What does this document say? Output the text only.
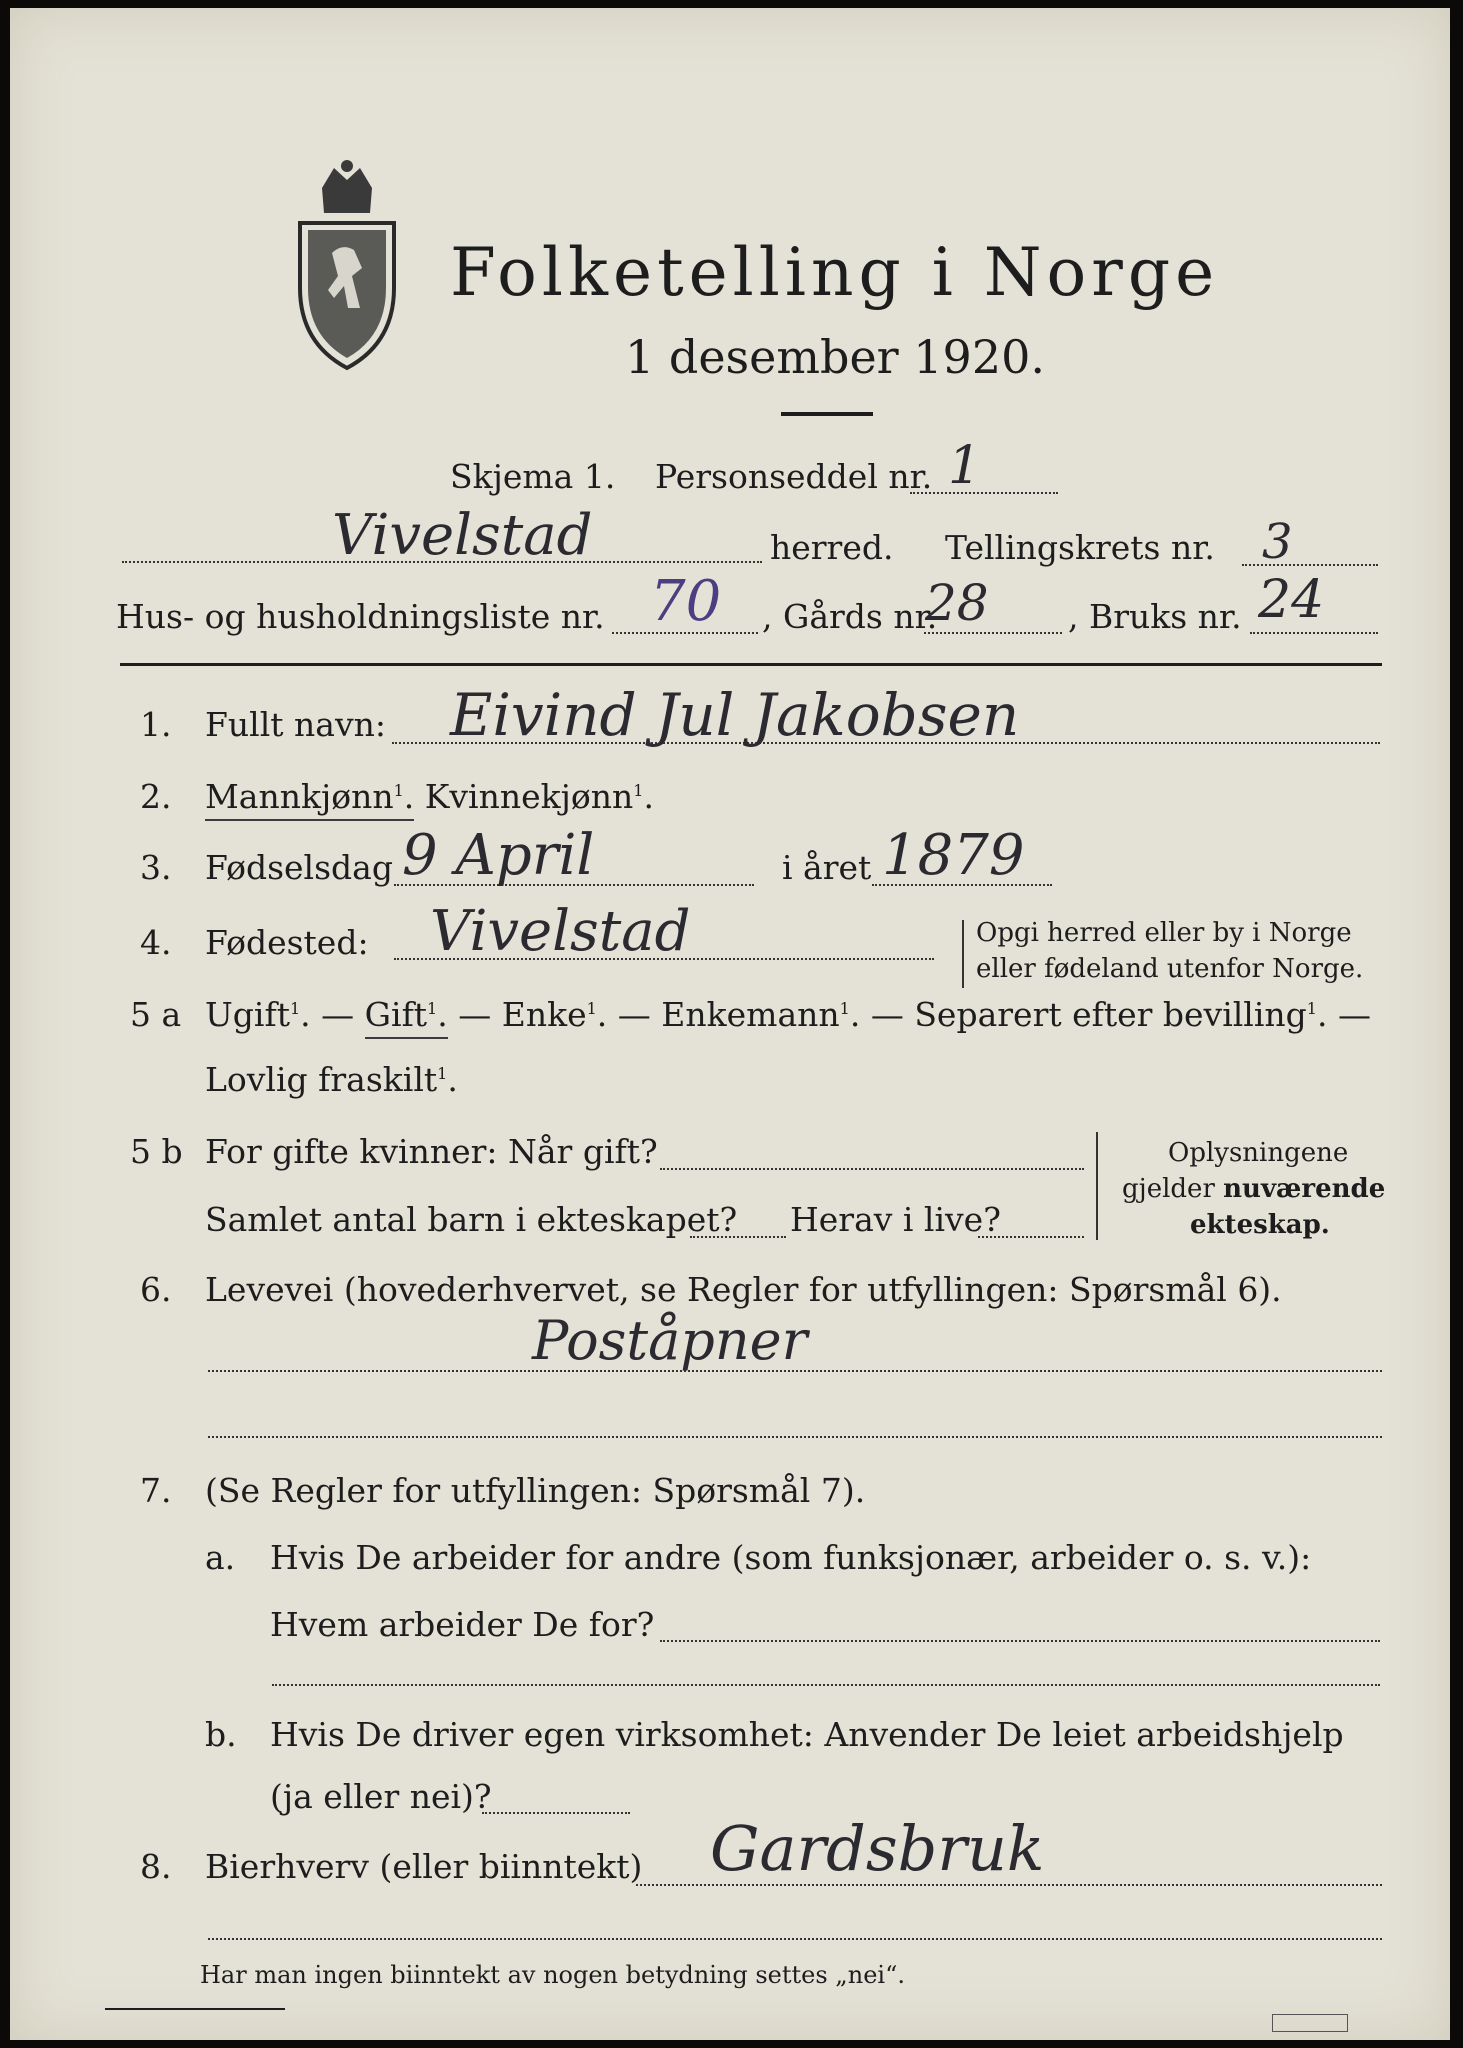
Folketelling i Norge
1 desember 1920.
Skjema 1. Personseddel nr. 1
Vivelstad	herred. Tellingskrets nr. 3
Hus- og husholdningsliste nr. 70 , Gårds nr.
28 , Bruks nr. 24
1. Fullt navn: Eivind Jul Jakobsen
2. Mannkjønn$^1$. Kvinnekjønn$^1$.
3. Fødselsdag 9 April	i året 1879
4. Fødested: Vivelstad	Opgi herred eller by i Norge
eller fødeland utenfor Norge.
5 a Ugift$^1$. — Gift$^1$. — Enke$^1$. — Enkemann$^1$. — Separert efter bevilling$^1$. —
Lovlig fraskilt$^1$.
5 b For gifte kvinner: Når gift?
Samlet antal barn i ekteskapet? Herav i live?
Oplysningene
gjelder nuværende
ekteskap.
6. Levevei (hovederhvervet, se Regler for utfyllingen: Spørsmål 6).
Poståpner
7. (Se Regler for utfyllingen: Spørsmål 7).
a. Hvis De arbeider for andre (som funksjonær, arbeider o. s. v.):
Hvem arbeider De for?
b. Hvis De driver egen virksomhet: Anvender De leiet arbeidshjelp
(ja eller nei)?
8. Bierhverv (eller biinntekt) Gardsbruk
Har man ingen biinntekt av nogen betydning settes „nei“.
